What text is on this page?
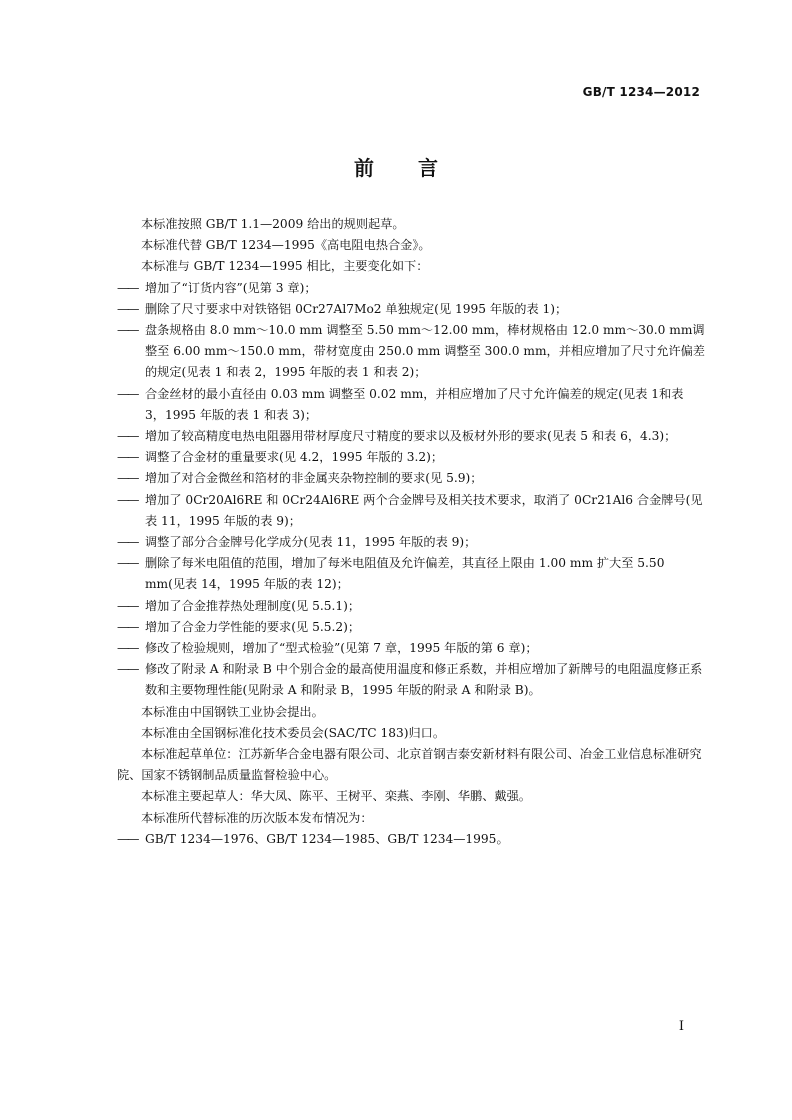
GB/T 1234—2012
前言

本标准按照 GB/T 1.1—2009 给出的规则起草。

本标准代替 GB/T 1234—1995《高电阻电热合金》。

本标准与 GB/T 1234—1995 相比，主要变化如下：

—— 增加了“订货内容”(见第 3 章)；

—— 删除了尺寸要求中对铁铬铝 0Cr27Al7Mo2 单独规定(见 1995 年版的表 1)；

—— 盘条规格由 8.0 mm～10.0 mm 调整至 5.50 mm～12.00 mm，棒材规格由 12.0 mm～30.0 mm调整至 6.00 mm～150.0 mm，带材宽度由 250.0 mm 调整至 300.0 mm，并相应增加了尺寸允许偏差的规定(见表 1 和表 2，1995 年版的表 1 和表 2)；

—— 合金丝材的最小直径由 0.03 mm 调整至 0.02 mm，并相应增加了尺寸允许偏差的规定(见表 1和表 3，1995 年版的表 1 和表 3)；

—— 增加了较高精度电热电阻器用带材厚度尺寸精度的要求以及板材外形的要求(见表 5 和表 6，4.3)；

—— 调整了合金材的重量要求(见 4.2，1995 年版的 3.2)；

—— 增加了对合金微丝和箔材的非金属夹杂物控制的要求(见 5.9)；

—— 增加了 0Cr20Al6RE 和 0Cr24Al6RE 两个合金牌号及相关技术要求，取消了 0Cr21Al6 合金牌号(见表 11，1995 年版的表 9)；

—— 调整了部分合金牌号化学成分(见表 11，1995 年版的表 9)；

—— 删除了每米电阻值的范围，增加了每米电阻值及允许偏差，其直径上限由 1.00 mm 扩大至 5.50 mm(见表 14，1995 年版的表 12)；

—— 增加了合金推荐热处理制度(见 5.5.1)；

—— 增加了合金力学性能的要求(见 5.5.2)；

—— 修改了检验规则，增加了“型式检验”(见第 7 章，1995 年版的第 6 章)；

—— 修改了附录 A 和附录 B 中个别合金的最高使用温度和修正系数，并相应增加了新牌号的电阻温度修正系数和主要物理性能(见附录 A 和附录 B，1995 年版的附录 A 和附录 B)。

本标准由中国钢铁工业协会提出。

本标准由全国钢标准化技术委员会(SAC/TC 183)归口。

本标准起草单位：江苏新华合金电器有限公司、北京首钢吉泰安新材料有限公司、冶金工业信息标准研究院、国家不锈钢制品质量监督检验中心。

本标准主要起草人：华大凤、陈平、王树平、栾燕、李刚、华鹏、戴强。

本标准所代替标准的历次版本发布情况为：

—— GB/T 1234—1976、GB/T 1234—1985、GB/T 1234—1995。

I
